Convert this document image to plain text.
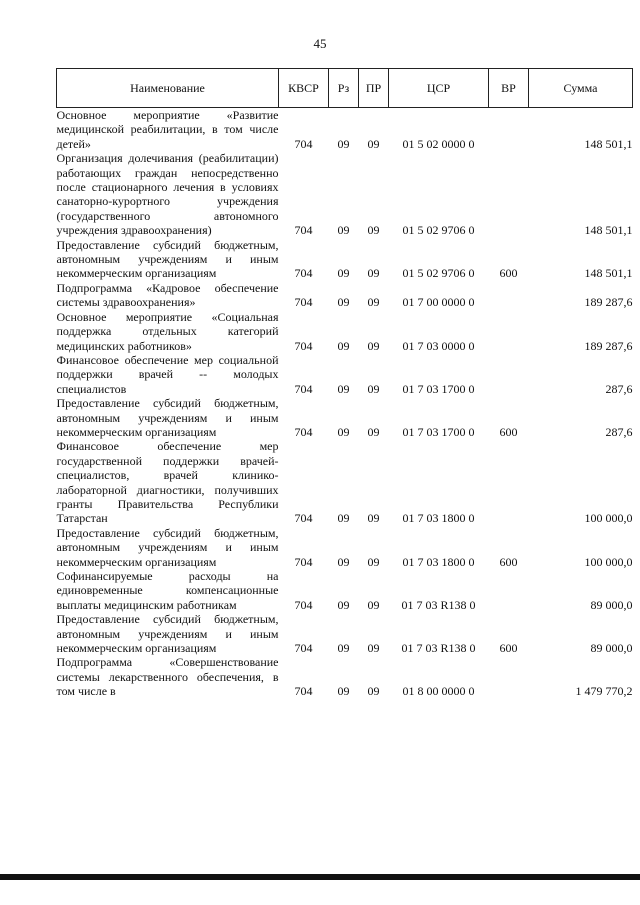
45
Наименование	КВСР	Рз	ПР	ЦСР	ВР	Сумма
Основное мероприятие «Развитие медицинской реабилитации, в том числе детей»	704	09	09	01 5 02 0000 0		148 501,1
Организация долечивания (реабилитации) работающих граждан непосредственно после стационарного лечения в условиях санаторно-курортного учреждения (государственного автономного учреждения здравоохранения)	704	09	09	01 5 02 9706 0		148 501,1
Предоставление субсидий бюджетным, автономным учреждениям и иным некоммерческим организациям	704	09	09	01 5 02 9706 0	600	148 501,1
Подпрограмма «Кадровое обеспечение системы здравоохранения»	704	09	09	01 7 00 0000 0		189 287,6
Основное мероприятие «Социальная поддержка отдельных категорий медицинских работников»	704	09	09	01 7 03 0000 0		189 287,6
Финансовое обеспечение мер социальной поддержки врачей -- молодых специалистов	704	09	09	01 7 03 1700 0		287,6
Предоставление субсидий бюджетным, автономным учреждениям и иным некоммерческим организациям	704	09	09	01 7 03 1700 0	600	287,6
Финансовое обеспечение мер государственной поддержки врачей-специалистов, врачей клинико-лабораторной диагностики, получивших гранты Правительства Республики Татарстан	704	09	09	01 7 03 1800 0		100 000,0
Предоставление субсидий бюджетным, автономным учреждениям и иным некоммерческим организациям	704	09	09	01 7 03 1800 0	600	100 000,0
Софинансируемые расходы на единовременные компенсационные выплаты медицинским работникам	704	09	09	01 7 03 R138 0		89 000,0
Предоставление субсидий бюджетным, автономным учреждениям и иным некоммерческим организациям	704	09	09	01 7 03 R138 0	600	89 000,0
Подпрограмма «Совершенствование системы лекарственного обеспечения, в том числе в	704	09	09	01 8 00 0000 0		1 479 770,2
